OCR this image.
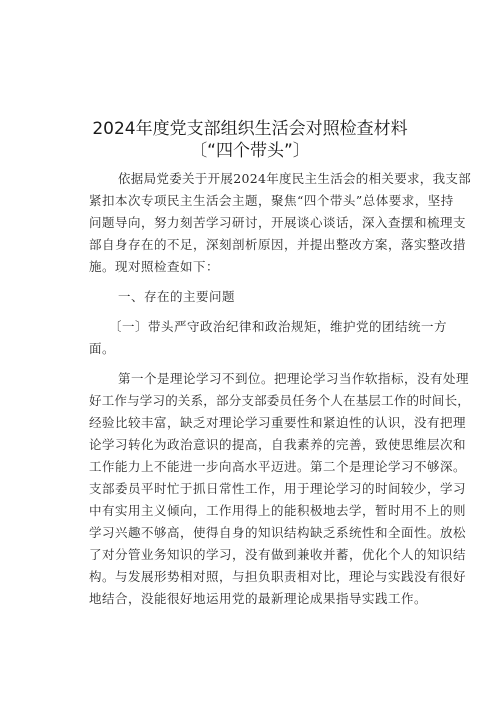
2024年度党支部组织生活会对照检查材料
〔“四个带头”〕
依据局党委关于开展2024年度民主生活会的相关要求，我支部
紧扣本次专项民主生活会主题，聚焦“四个带头”总体要求，坚持
问题导向，努力刻苦学习研讨，开展谈心谈话，深入查摆和梳理支
部自身存在的不足，深刻剖析原因，并提出整改方案，落实整改措
施。现对照检查如下：
一、存在的主要问题
〔一〕带头严守政治纪律和政治规矩，维护党的团结统一方
面。
第一个是理论学习不到位。把理论学习当作软指标，没有处理
好工作与学习的关系，部分支部委员任务个人在基层工作的时间长，
经验比较丰富，缺乏对理论学习重要性和紧迫性的认识，没有把理
论学习转化为政治意识的提高，自我素养的完善，致使思维层次和
工作能力上不能进一步向高水平迈进。第二个是理论学习不够深。
支部委员平时忙于抓日常性工作，用于理论学习的时间较少，学习
中有实用主义倾向，工作用得上的能积极地去学，暂时用不上的则
学习兴趣不够高，使得自身的知识结构缺乏系统性和全面性。放松
了对分管业务知识的学习，没有做到兼收并蓄，优化个人的知识结
构。与发展形势相对照，与担负职责相对比，理论与实践没有很好
地结合，没能很好地运用党的最新理论成果指导实践工作。
